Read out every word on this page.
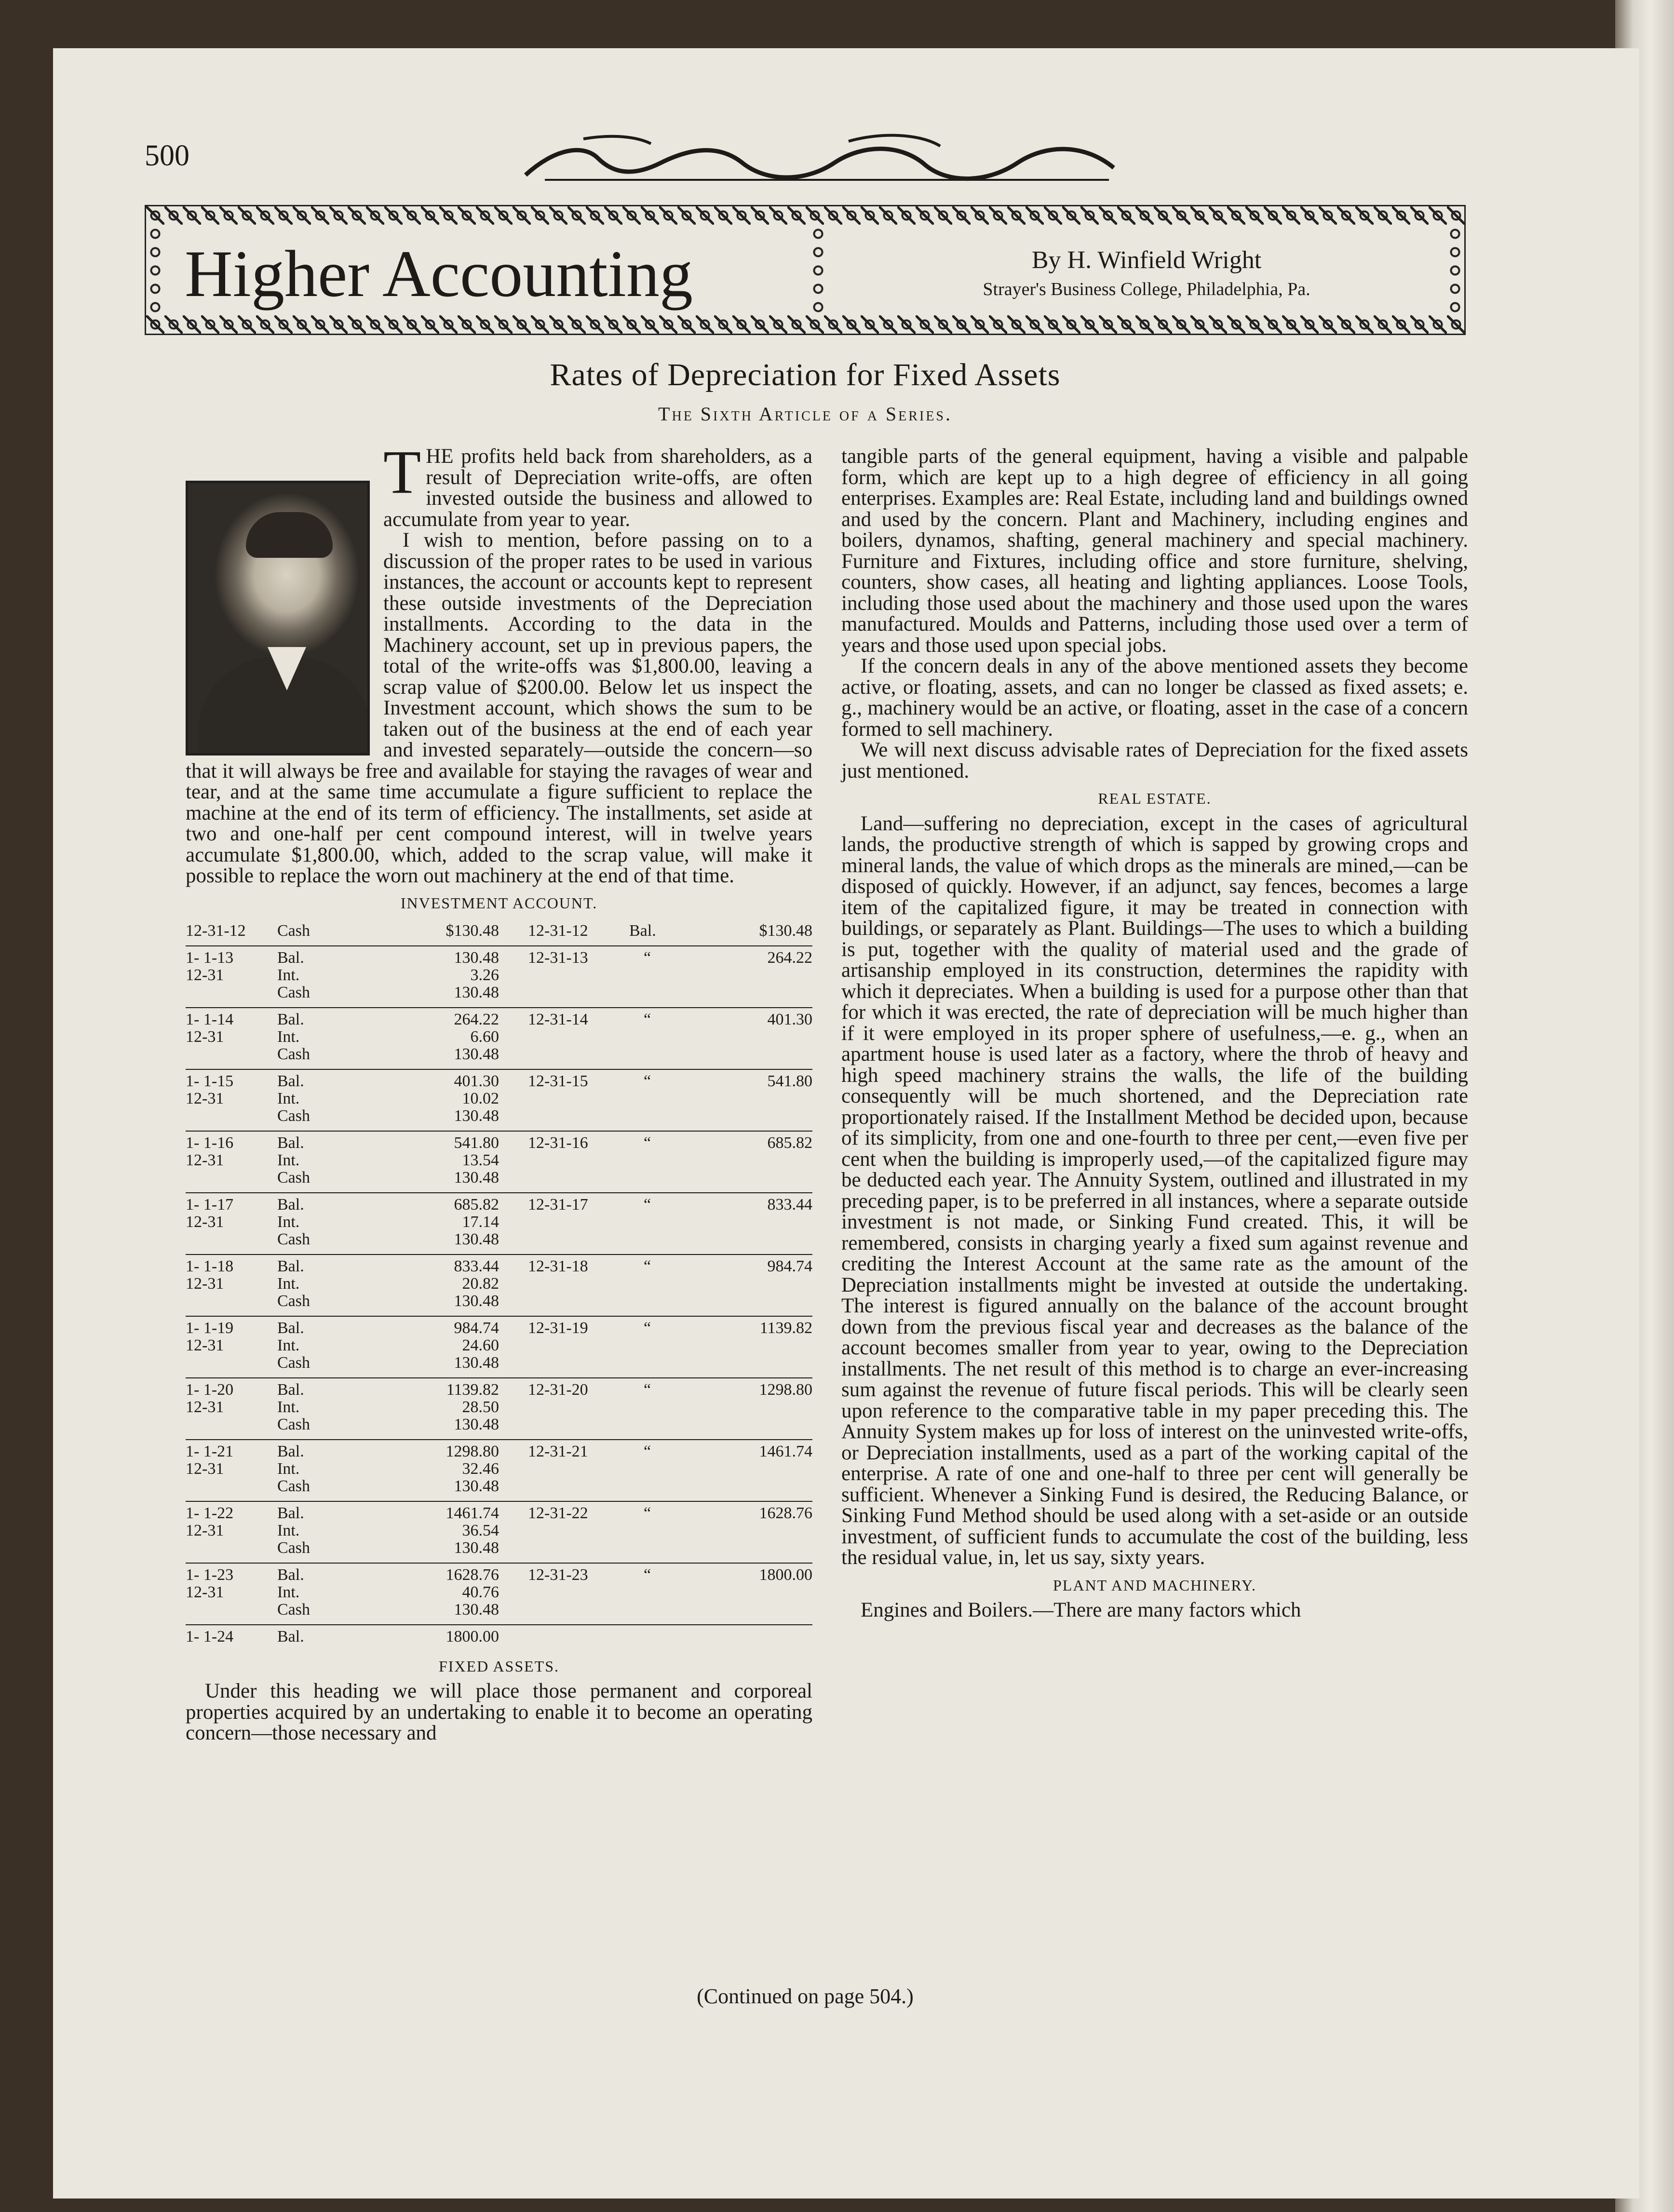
500
Higher Accounting	By H. Winfield Wright
Strayer's Business College, Philadelphia, Pa.
Rates of Depreciation for Fixed Assets
The Sixth Article of a Series.

THE profits held back from shareholders, as a result of Depreciation write-offs, are often invested outside the business and allowed to accumulate from year to year.

I wish to mention, before passing on to a discussion of the proper rates to be used in various instances, the account or accounts kept to represent these outside investments of the Depreciation installments. According to the data in the Machinery account, set up in previous papers, the total of the write-offs was $1,800.00, leaving a scrap value of $200.00. Below let us inspect the Investment account, which shows the sum to be taken out of the business at the end of each year and invested separately—outside the concern—so that it will always be free and available for staying the ravages of wear and tear, and at the same time accumulate a figure sufficient to replace the machine at the end of its term of efficiency. The installments, set aside at two and one-half per cent compound interest, will in twelve years accumulate $1,800.00, which, added to the scrap value, will make it possible to replace the worn out machinery at the end of that time.

INVESTMENT ACCOUNT.
12-31-12	Cash	$130.48	12-31-12	Bal.	$130.48
1- 1-13	Bal.	130.48	12-31-13	“	264.22
12-31	Int.	3.26
Cash	130.48
1- 1-14	Bal.	264.22	12-31-14	“	401.30
12-31	Int.	6.60
Cash	130.48
1- 1-15	Bal.	401.30	12-31-15	“	541.80
12-31	Int.	10.02
Cash	130.48
1- 1-16	Bal.	541.80	12-31-16	“	685.82
12-31	Int.	13.54
Cash	130.48
1- 1-17	Bal.	685.82	12-31-17	“	833.44
12-31	Int.	17.14
Cash	130.48
1- 1-18	Bal.	833.44	12-31-18	“	984.74
12-31	Int.	20.82
Cash	130.48
1- 1-19	Bal.	984.74	12-31-19	“	1139.82
12-31	Int.	24.60
Cash	130.48
1- 1-20	Bal.	1139.82	12-31-20	“	1298.80
12-31	Int.	28.50
Cash	130.48
1- 1-21	Bal.	1298.80	12-31-21	“	1461.74
12-31	Int.	32.46
Cash	130.48
1- 1-22	Bal.	1461.74	12-31-22	“	1628.76
12-31	Int.	36.54
Cash	130.48
1- 1-23	Bal.	1628.76	12-31-23	“	1800.00
12-31	Int.	40.76
Cash	130.48
1- 1-24	Bal.	1800.00
FIXED ASSETS.

Under this heading we will place those permanent and corporeal properties acquired by an undertaking to enable it to become an operating concern—those necessary and

tangible parts of the general equipment, having a visible and palpable form, which are kept up to a high degree of efficiency in all going enterprises. Examples are: Real Estate, including land and buildings owned and used by the concern. Plant and Machinery, including engines and boilers, dynamos, shafting, general machinery and special machinery. Furniture and Fixtures, including office and store furniture, shelving, counters, show cases, all heating and lighting appliances. Loose Tools, including those used about the machinery and those used upon the wares manufactured. Moulds and Patterns, including those used over a term of years and those used upon special jobs.

If the concern deals in any of the above mentioned assets they become active, or floating, assets, and can no longer be classed as fixed assets; e. g., machinery would be an active, or floating, asset in the case of a concern formed to sell machinery.

We will next discuss advisable rates of Depreciation for the fixed assets just mentioned.

REAL ESTATE.

Land—suffering no depreciation, except in the cases of agricultural lands, the productive strength of which is sapped by growing crops and mineral lands, the value of which drops as the minerals are mined,—can be disposed of quickly. However, if an adjunct, say fences, becomes a large item of the capitalized figure, it may be treated in connection with buildings, or separately as Plant. Buildings—The uses to which a building is put, together with the quality of material used and the grade of artisanship employed in its construction, determines the rapidity with which it depreciates. When a building is used for a purpose other than that for which it was erected, the rate of depreciation will be much higher than if it were employed in its proper sphere of usefulness,—e. g., when an apartment house is used later as a factory, where the throb of heavy and high speed machinery strains the walls, the life of the building consequently will be much shortened, and the Depreciation rate proportionately raised. If the Installment Method be decided upon, because of its simplicity, from one and one-fourth to three per cent,—even five per cent when the building is improperly used,—of the capitalized figure may be deducted each year. The Annuity System, outlined and illustrated in my preceding paper, is to be preferred in all instances, where a separate outside investment is not made, or Sinking Fund created. This, it will be remembered, consists in charging yearly a fixed sum against revenue and crediting the Interest Account at the same rate as the amount of the Depreciation installments might be invested at outside the undertaking. The interest is figured annually on the balance of the account brought down from the previous fiscal year and decreases as the balance of the account becomes smaller from year to year, owing to the Depreciation installments. The net result of this method is to charge an ever-increasing sum against the revenue of future fiscal periods. This will be clearly seen upon reference to the comparative table in my paper preceding this. The Annuity System makes up for loss of interest on the uninvested write-offs, or Depreciation installments, used as a part of the working capital of the enterprise. A rate of one and one-half to three per cent will generally be sufficient. Whenever a Sinking Fund is desired, the Reducing Balance, or Sinking Fund Method should be used along with a set-aside or an outside investment, of sufficient funds to accumulate the cost of the building, less the residual value, in, let us say, sixty years.

PLANT AND MACHINERY.

Engines and Boilers.—There are many factors which

(Continued on page 504.)
